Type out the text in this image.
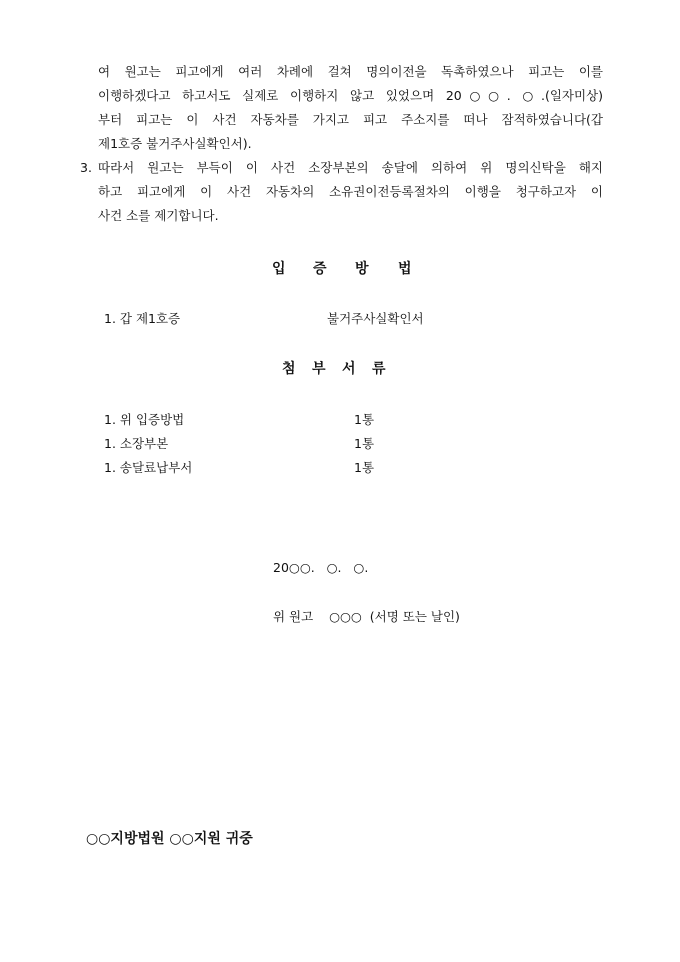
여 원고는 피고에게 여러 차례에 걸쳐 명의이전을 독촉하였으나 피고는 이를
이행하겠다고 하고서도 실제로 이행하지 않고 있었으며 20○○. ○.(일자미상)
부터 피고는 이 사건 자동차를 가지고 피고 주소지를 떠나 잠적하였습니다(갑
제1호증 불거주사실확인서).
3. 따라서 원고는 부득이 이 사건 소장부본의 송달에 의하여 위 명의신탁을 해지
하고 피고에게 이 사건 자동차의 소유권이전등록절차의 이행을 청구하고자 이
사건 소를 제기합니다.
입 증 방 법
1. 갑 제1호증	불거주사실확인서
첨 부 서 류
1. 위 입증방법	1통
1. 소장부본	1통
1. 송달료납부서	1통
20○○.   ○.   ○.
위 원고    ○○○  (서명 또는 날인)
○○지방법원 ○○지원 귀중
